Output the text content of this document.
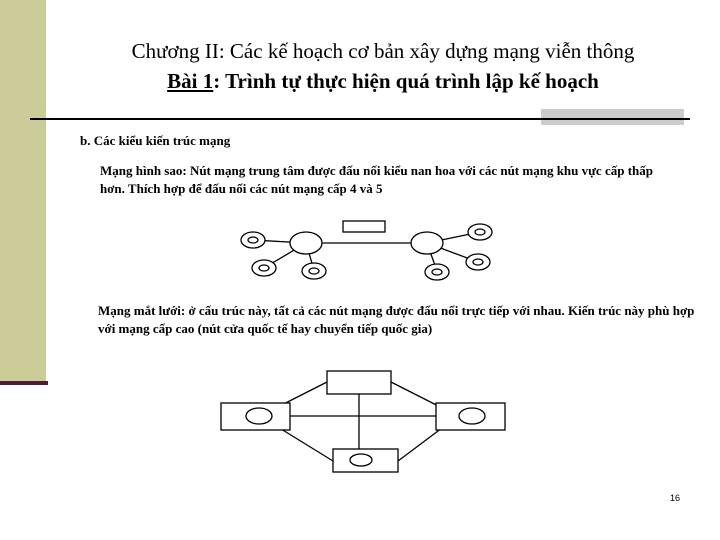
Chương II: Các kế hoạch cơ bản xây dựng mạng viễn thông
Bài 1: Trình tự thực hiện quá trình lập kế hoạch
b. Các kiểu kiến trúc mạng
Mạng hình sao: Nút mạng trung tâm được đấu nối kiểu nan hoa với các nút mạng khu vực cấp thấp hơn. Thích hợp để đấu nối các nút mạng cấp 4 và 5
Mạng mắt lưới: ở cấu trúc này, tất cả các nút mạng được đấu nối trực tiếp với nhau. Kiến trúc này phù hợp với mạng cấp cao (nút cửa quốc tế hay chuyển tiếp quốc gia)
16
